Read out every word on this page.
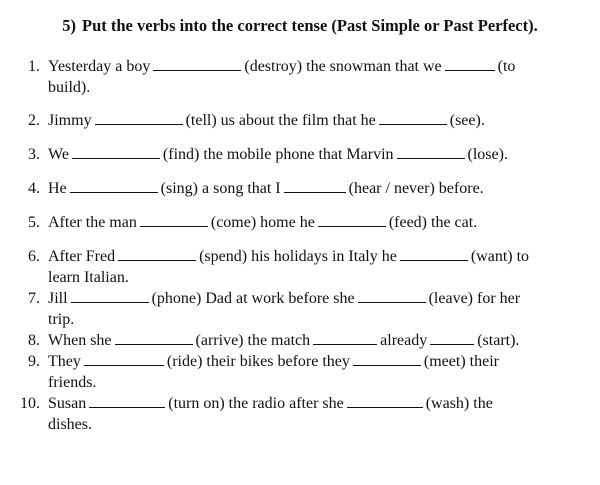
5) Put the verbs into the correct tense (Past Simple or Past Perfect).
1. Yesterday a boy	(destroy) the snowman that we	(to
build).
2. Jimmy	(tell) us about the film that he	(see).
3. We	(find) the mobile phone that Marvin	(lose).
4. He	(sing) a song that I	(hear / never) before.
5. After the man	(come) home he	(feed) the cat.
6. After Fred	(spend) his holidays in Italy he	(want) to
learn Italian.
7. Jill	(phone) Dad at work before she	(leave) for her
trip.
8. When she	(arrive) the match	already	(start).
9. They	(ride) their bikes before they	(meet) their
friends.
10. Susan	(turn on) the radio after she	(wash) the
dishes.
